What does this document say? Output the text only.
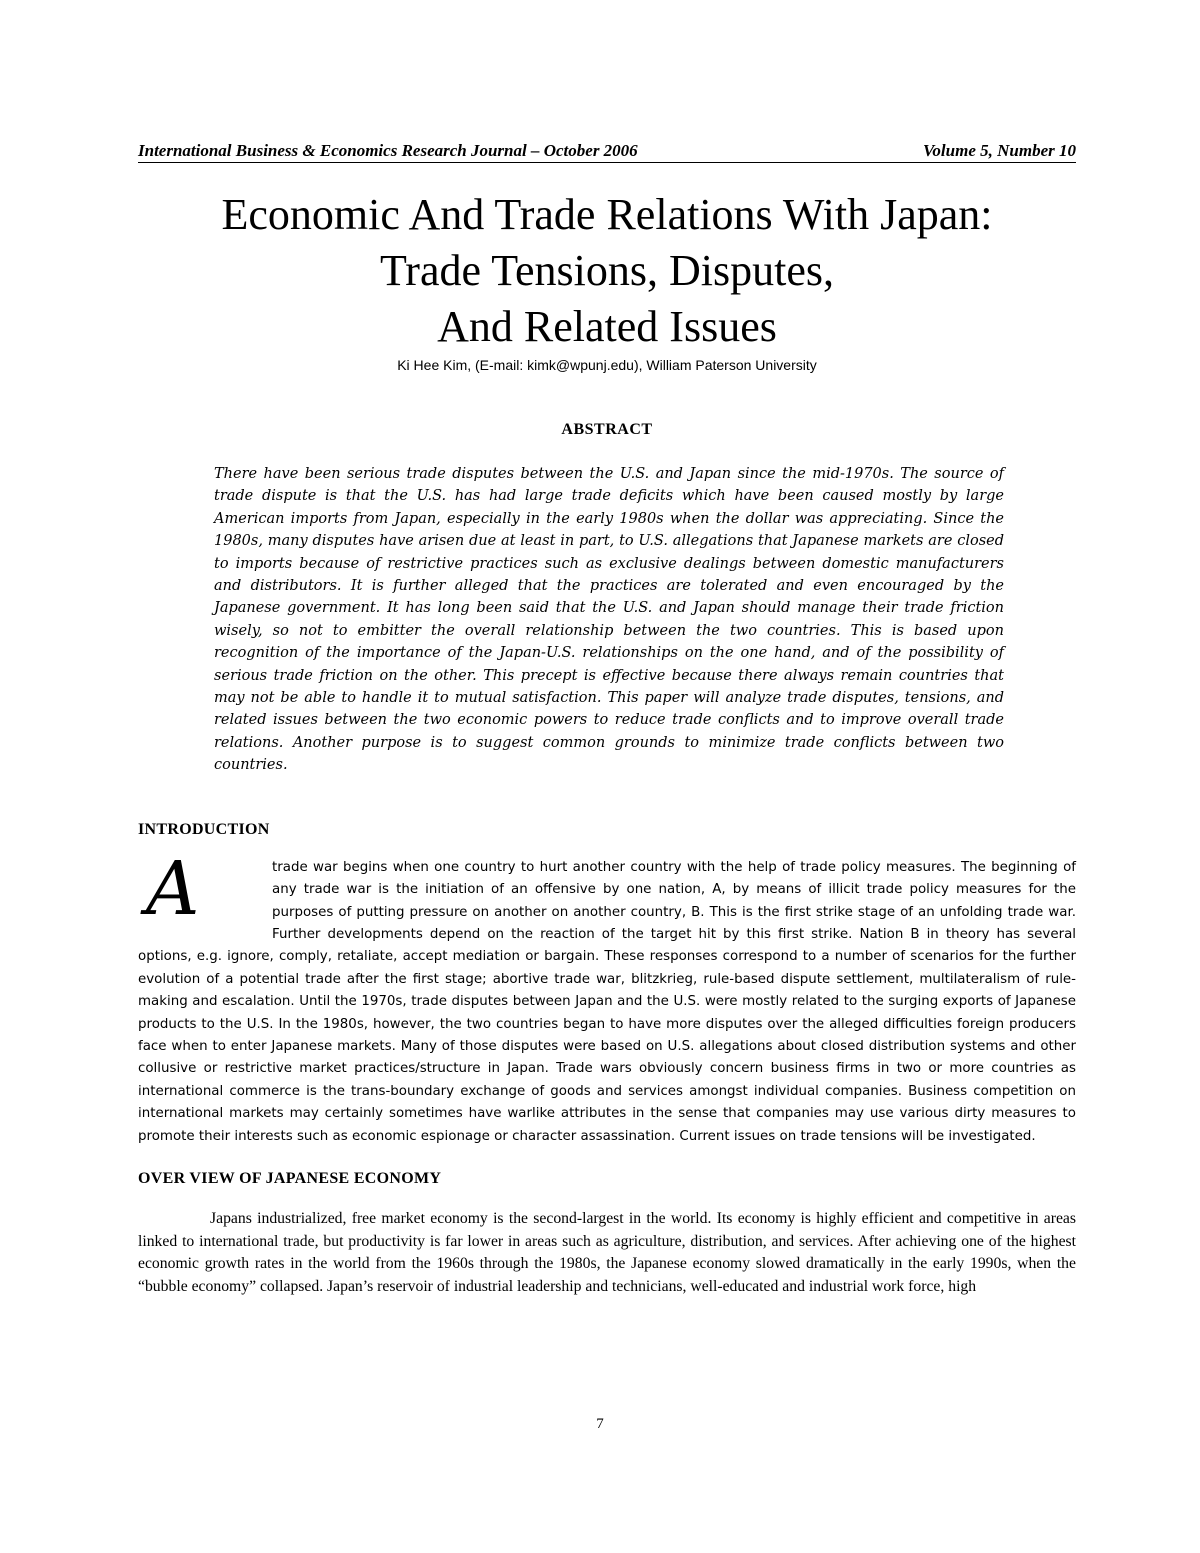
International Business & Economics Research Journal – October 2006	Volume 5, Number 10
Economic And Trade Relations With Japan:
Trade Tensions, Disputes,
And Related Issues
Ki Hee Kim, (E-mail: kimk@wpunj.edu), William Paterson University
ABSTRACT
There have been serious trade disputes between the U.S. and Japan since the mid-1970s. The source of trade dispute is that the U.S. has had large trade deficits which have been caused mostly by large American imports from Japan, especially in the early 1980s when the dollar was appreciating. Since the 1980s, many disputes have arisen due at least in part, to U.S. allegations that Japanese markets are closed to imports because of restrictive practices such as exclusive dealings between domestic manufacturers and distributors. It is further alleged that the practices are tolerated and even encouraged by the Japanese government. It has long been said that the U.S. and Japan should manage their trade friction wisely, so not to embitter the overall relationship between the two countries. This is based upon recognition of the importance of the Japan-U.S. relationships on the one hand, and of the possibility of serious trade friction on the other. This precept is effective because there always remain countries that may not be able to handle it to mutual satisfaction. This paper will analyze trade disputes, tensions, and related issues between the two economic powers to reduce trade conflicts and to improve overall trade relations. Another purpose is to suggest common grounds to minimize trade conflicts between two countries.
INTRODUCTION
A	trade war begins when one country to hurt another country with the help of trade policy measures. The beginning of any trade war is the initiation of an offensive by one nation, A, by means of illicit trade policy measures for the purposes of putting pressure on another on another country, B. This is the first strike stage of an unfolding trade war. Further developments depend on the reaction of the target hit by this first strike. Nation B in theory has several options, e.g. ignore, comply, retaliate, accept mediation or bargain. These responses correspond to a number of scenarios for the further evolution of a potential trade after the first stage; abortive trade war, blitzkrieg, rule-based dispute settlement, multilateralism of rule-making and escalation. Until the 1970s, trade disputes between Japan and the U.S. were mostly related to the surging exports of Japanese products to the U.S. In the 1980s, however, the two countries began to have more disputes over the alleged difficulties foreign producers face when to enter Japanese markets. Many of those disputes were based on U.S. allegations about closed distribution systems and other collusive or restrictive market practices/structure in Japan. Trade wars obviously concern business firms in two or more countries as international commerce is the trans-boundary exchange of goods and services amongst individual companies. Business competition on international markets may certainly sometimes have warlike attributes in the sense that companies may use various dirty measures to promote their interests such as economic espionage or character assassination. Current issues on trade tensions will be investigated.
OVER VIEW OF JAPANESE ECONOMY
Japans industrialized, free market economy is the second-largest in the world. Its economy is highly efficient and competitive in areas linked to international trade, but productivity is far lower in areas such as agriculture, distribution, and services. After achieving one of the highest economic growth rates in the world from the 1960s through the 1980s, the Japanese economy slowed dramatically in the early 1990s, when the “bubble economy” collapsed. Japan’s reservoir of industrial leadership and technicians, well-educated and industrial work force, high
7
